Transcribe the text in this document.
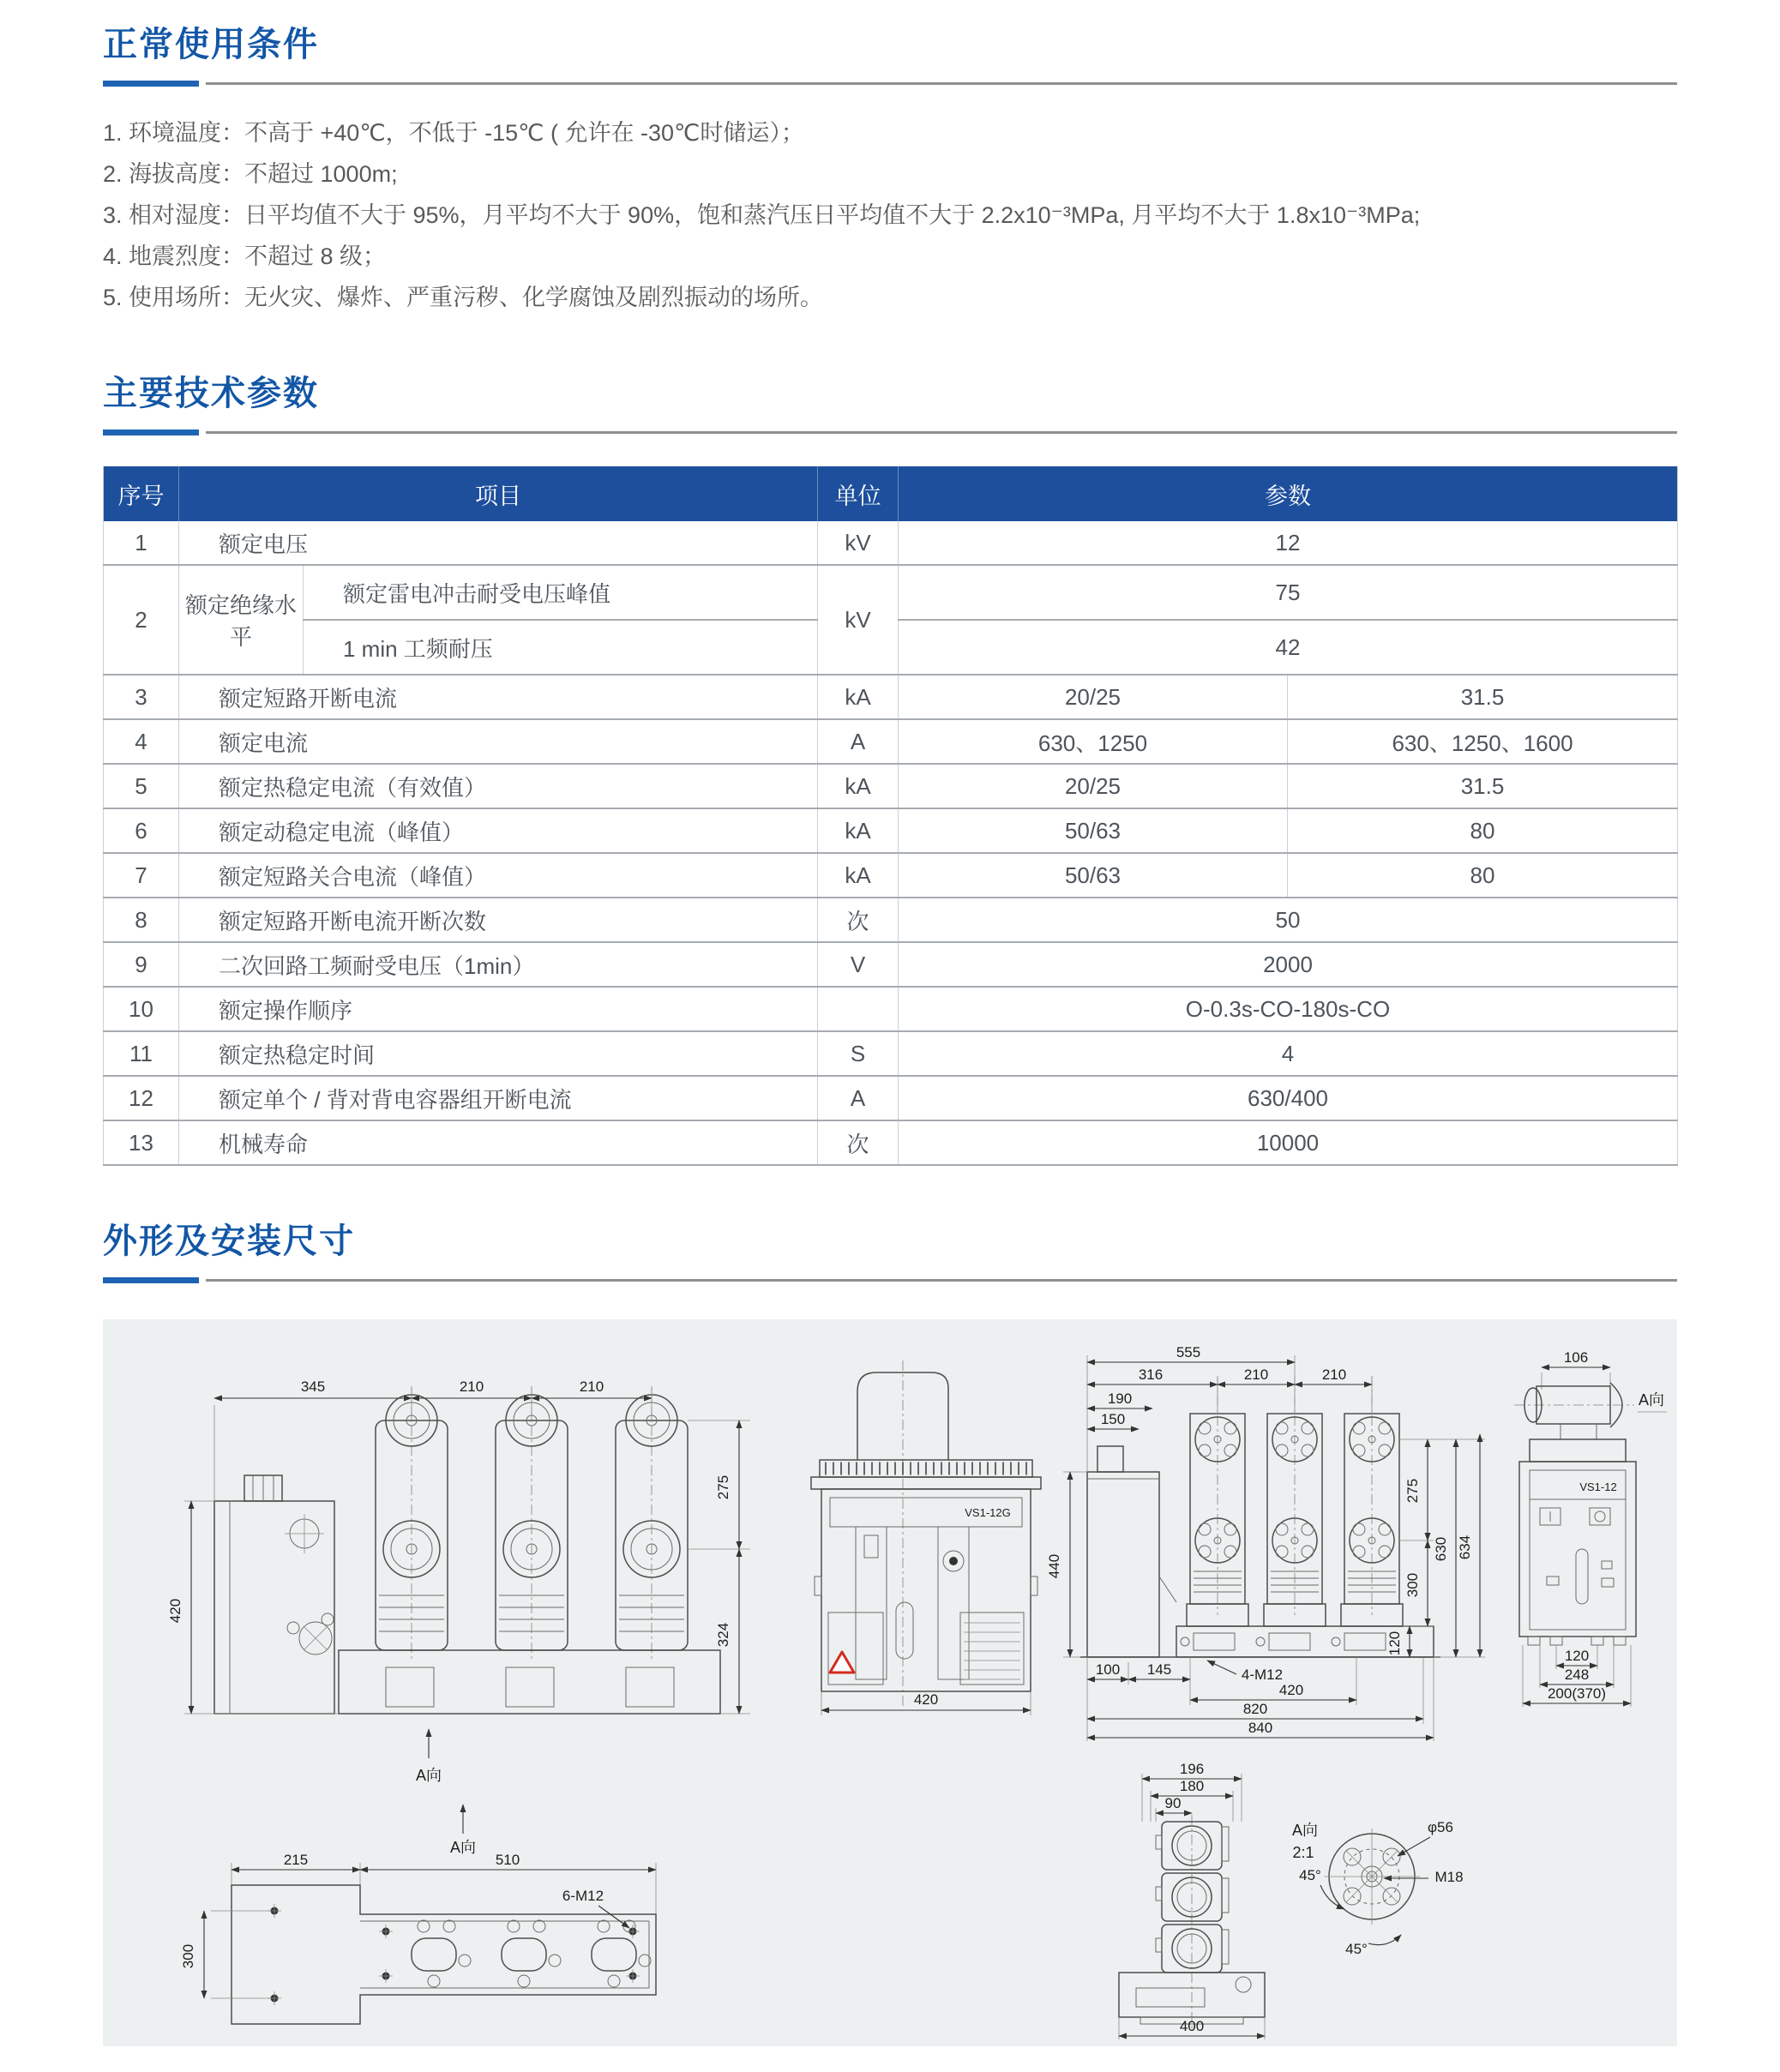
正常使用条件
1. 环境温度：不高于 +40℃，不低于 -15℃ ( 允许在 -30℃时储运）；
2. 海拔高度：不超过 1000m;
3. 相对湿度：日平均值不大于 95%，月平均不大于 90%，饱和蒸汽压日平均值不大于 2.2x10⁻³MPa, 月平均不大于 1.8x10⁻³MPa;
4. 地震烈度：不超过 8 级；
5. 使用场所：无火灾、爆炸、严重污秽、化学腐蚀及剧烈振动的场所。
主要技术参数
序号	项目		单位	参数	
1	额定电压		kV	12	
2	额定绝缘水平	额定雷电冲击耐受电压峰值	kV	75	
		1 min 工频耐压		42	
3	额定短路开断电流		kA	20/25	31.5
4	额定电流		A	630、1250	630、1250、1600
5	额定热稳定电流（有效值）		kA	20/25	31.5
6	额定动稳定电流（峰值）		kA	50/63	80
7	额定短路关合电流（峰值）		kA	50/63	80
8	额定短路开断电流开断次数		次	50	
9	二次回路工频耐受电压（1min）		V	2000	
10	额定操作顺序			O-0.3s-CO-180s-CO	
11	额定热稳定时间		S	4	
12	额定单个 / 背对背电容器组开断电流		A	630/400	
13	机械寿命		次	10000	
外形及安装尺寸
345	210	210
420
275
324
A向
VS1-12G
420
555
316	210	210
190
150
440
275
300
630 634
120
100 145	4-M12
420
820
840
106
A向
VS1-12
120
248
200(370)
A向
215	510
300
6-M12
196
180
90
400
A向
2:1
φ56
M18
45°
45°
